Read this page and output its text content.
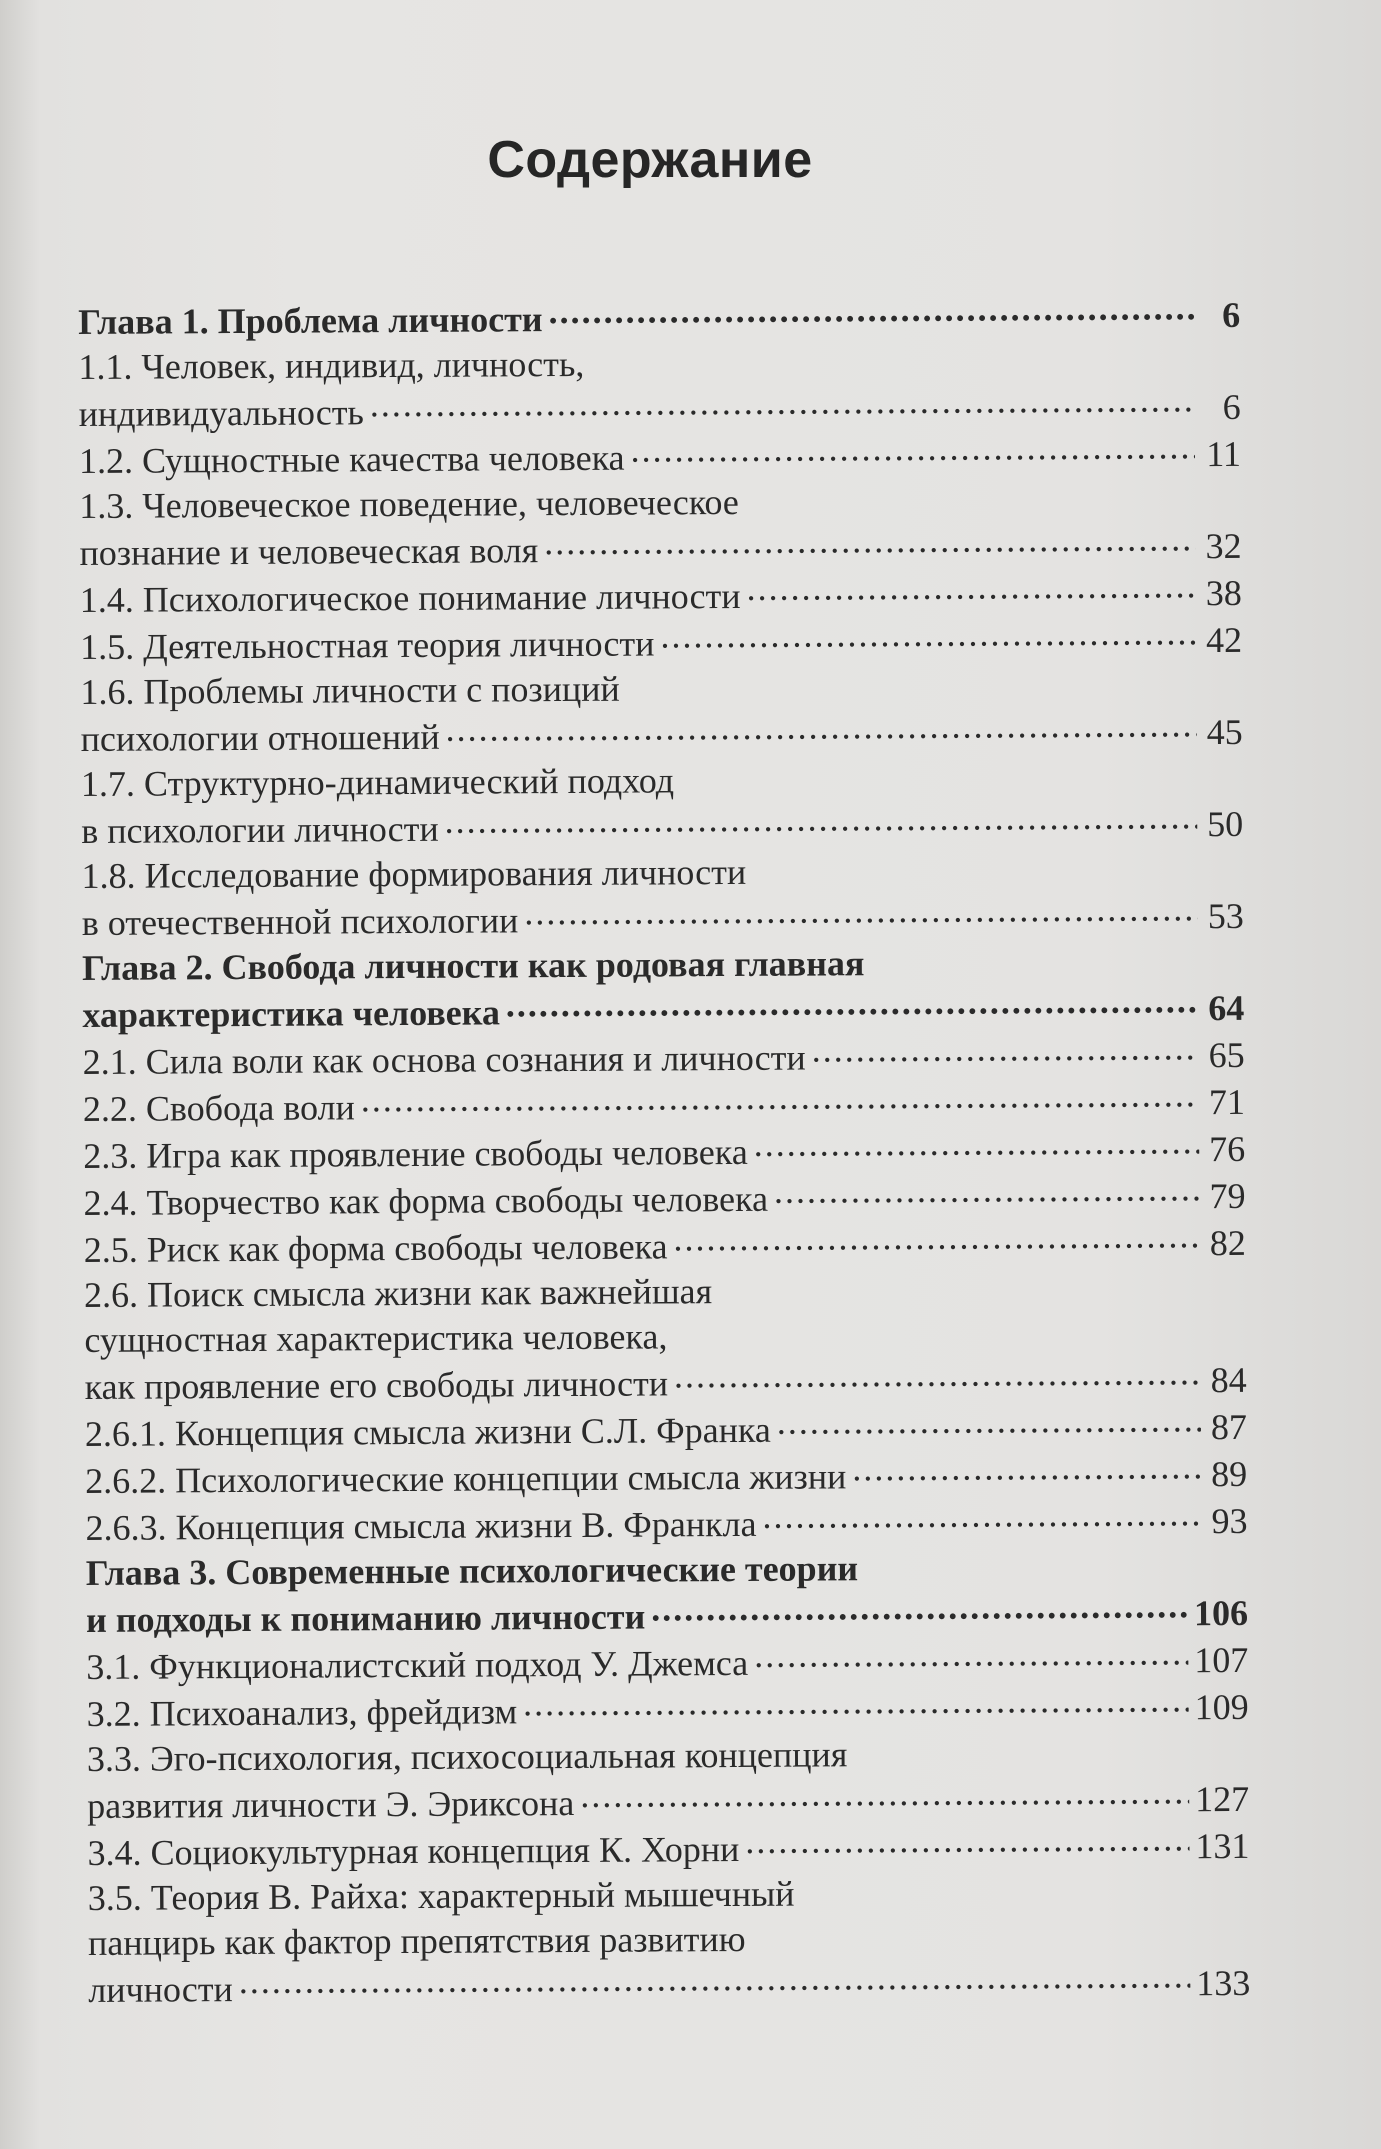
Содержание
Глава 1. Проблема личности .....	6
1.1. Человек, индивид, личность,
индивидуальность .....	6
1.2. Сущностные качества человека .....	11
1.3. Человеческое поведение, человеческое
познание и человеческая воля .....	32
1.4. Психологическое понимание личности .....	38
1.5. Деятельностная теория личности .....	42
1.6. Проблемы личности с позиций
психологии отношений .....	45
1.7. Структурно-динамический подход
в психологии личности .....	50
1.8. Исследование формирования личности
в отечественной психологии .....	53
Глава 2. Свобода личности как родовая главная
характеристика человека .....	64
2.1. Сила воли как основа сознания и личности .....	65
2.2. Свобода воли .....	71
2.3. Игра как проявление свободы человека .....	76
2.4. Творчество как форма свободы человека .....	79
2.5. Риск как форма свободы человека .....	82
2.6. Поиск смысла жизни как важнейшая
сущностная характеристика человека,
как проявление его свободы личности .....	84
2.6.1. Концепция смысла жизни С.Л. Франка .....	87
2.6.2. Психологические концепции смысла жизни .....	89
2.6.3. Концепция смысла жизни В. Франкла .....	93
Глава 3. Современные психологические теории
и подходы к пониманию личности .....	106
3.1. Функционалистский подход У. Джемса .....	107
3.2. Психоанализ, фрейдизм .....	109
3.3. Эго-психология, психосоциальная концепция
развития личности Э. Эриксона .....	127
3.4. Социокультурная концепция К. Хорни .....	131
3.5. Теория В. Райха: характерный мышечный
панцирь как фактор препятствия развитию
личности .....	133
